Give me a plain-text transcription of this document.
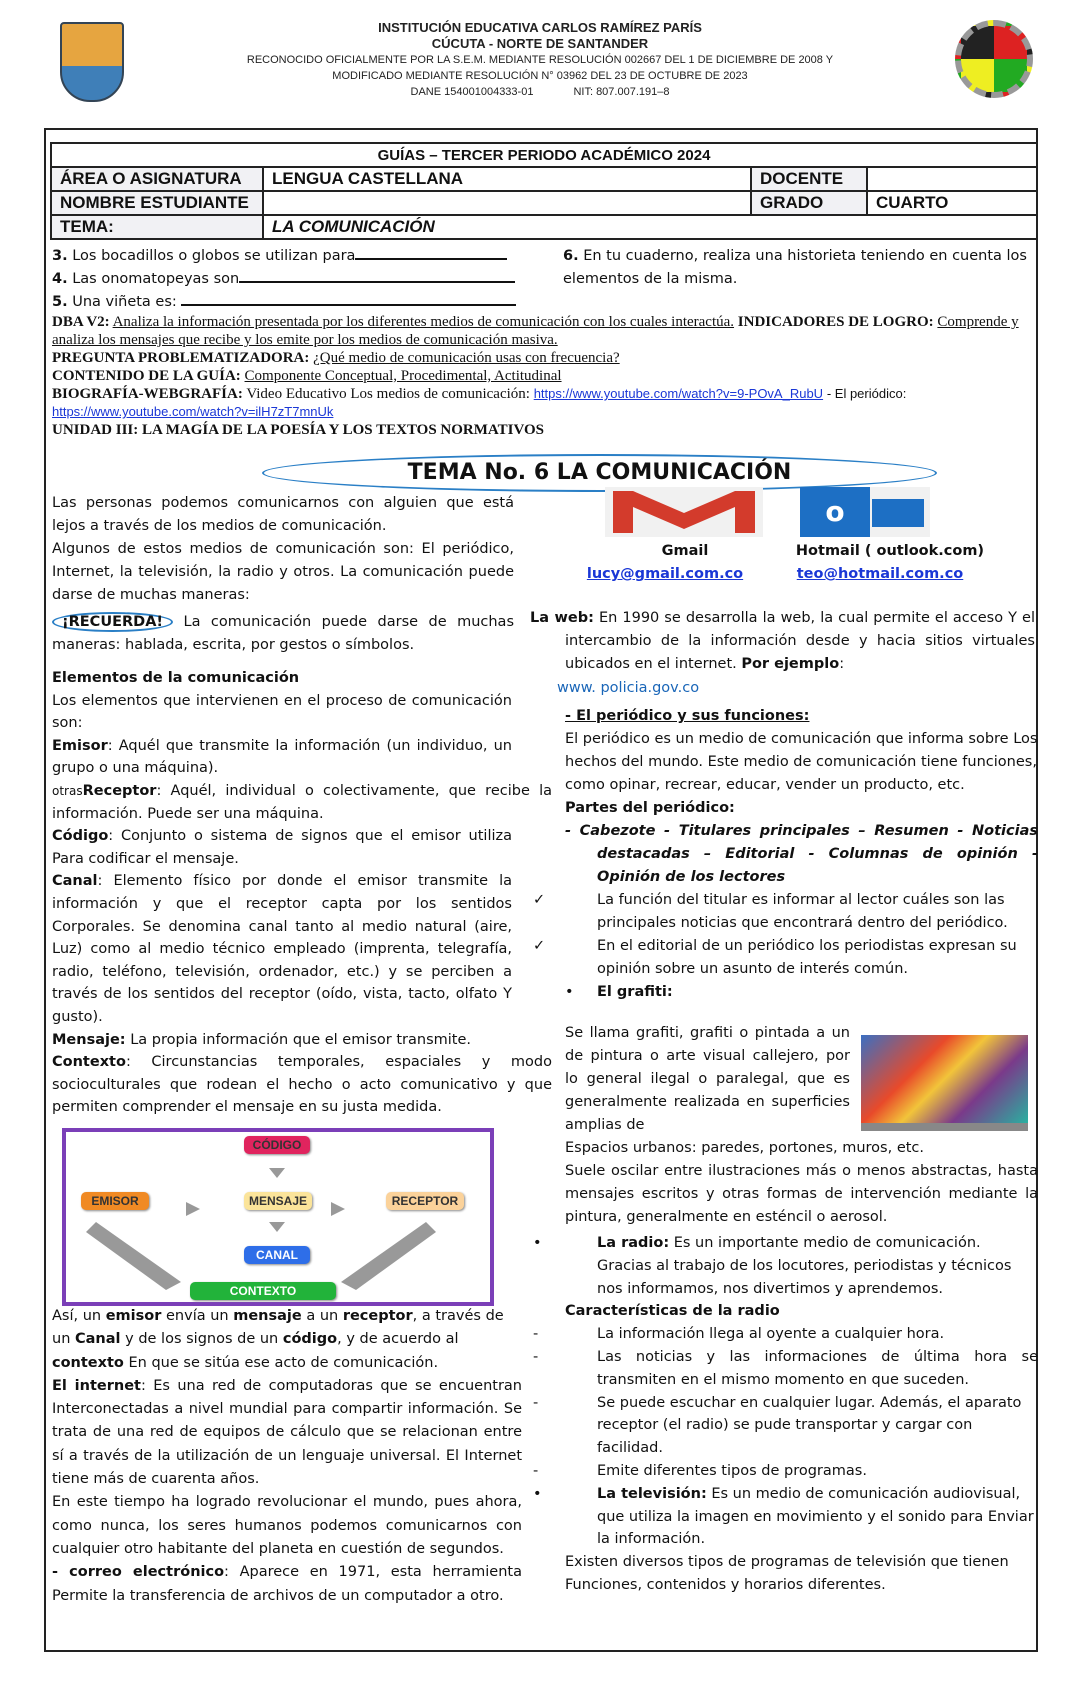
INSTITUCIÓN EDUCATIVA CARLOS RAMÍREZ PARÍS
CÚCUTA - NORTE DE SANTANDER
RECONOCIDO OFICIALMENTE POR LA S.E.M. MEDIANTE RESOLUCIÓN 002667 DEL 1 DE DICIEMBRE DE 2008 Y
MODIFICADO MEDIANTE RESOLUCIÓN N° 03962 DEL 23 DE OCTUBRE DE 2023
DANE 154001004333-01	NIT: 807.007.191–8
GUÍAS – TERCER PERIODO ACADÉMICO 2024			
ÁREA O ASIGNATURA	LENGUA CASTELLANA	DOCENTE	
NOMBRE ESTUDIANTE		GRADO	CUARTO
TEMA:	LA COMUNICACIÓN		
3. Los bocadillos o globos se utilizan para
4. Las onomatopeyas son
5. Una viñeta es:
6. En tu cuaderno, realiza una historieta teniendo en cuenta los elementos de la misma.

DBA V2: Analiza la información presentada por los diferentes medios de comunicación con los cuales interactúa. INDICADORES DE LOGRO: Comprende y analiza los mensajes que recibe y los emite por los medios de comunicación masiva.

PREGUNTA PROBLEMATIZADORA: ¿Qué medio de comunicación usas con frecuencia?

CONTENIDO DE LA GUÍA: Componente Conceptual, Procedimental, Actitudinal

BIOGRAFÍA-WEBGRAFÍA: Video Educativo Los medios de comunicación: https://www.youtube.com/watch?v=9-POvA_RubU - El periódico:

https://www.youtube.com/watch?v=ilH7zT7mnUk

UNIDAD III: LA MAGÍA DE LA POESÍA Y LOS TEXTOS NORMATIVOS

TEMA No. 6 LA COMUNICACIÓN

Las personas podemos comunicarnos con alguien que está lejos a través de los medios de comunicación.

Algunos de estos medios de comunicación son: El periódico, Internet, la televisión, la radio y otros. La comunicación puede darse de muchas maneras:

¡RECUERDA! La comunicación puede darse de muchas maneras: hablada, escrita, por gestos o símbolos.

Elementos de la comunicación

Los elementos que intervienen en el proceso de comunicación son:

Emisor: Aquél que transmite la información (un individuo, un grupo o una máquina).

otrasReceptor: Aquél, individual o colectivamente, que recibe la información. Puede ser una máquina.

Código: Conjunto o sistema de signos que el emisor utiliza Para codificar el mensaje.

Canal: Elemento físico por donde el emisor transmite la información y que el receptor capta por los sentidos Corporales. Se denomina canal tanto al medio natural (aire, Luz) como al medio técnico empleado (imprenta, telegrafía, radio, teléfono, televisión, ordenador, etc.) y se perciben a través de los sentidos del receptor (oído, vista, tacto, olfato Y gusto).

Mensaje: La propia información que el emisor transmite.

Contexto: Circunstancias temporales, espaciales y modo socioculturales que rodean el hecho o acto comunicativo y que permiten comprender el mensaje en su justa medida.

CÓDIGO
EMISOR	MENSAJE	RECEPTOR
CANAL
CONTEXTO

Así, un emisor envía un mensaje a un receptor, a través de un Canal y de los signos de un código, y de acuerdo al contexto En que se sitúa ese acto de comunicación.

El internet: Es una red de computadoras que se encuentran Interconectadas a nivel mundial para compartir información. Se trata de una red de equipos de cálculo que se relacionan entre sí a través de la utilización de un lenguaje universal. El Internet tiene más de cuarenta años.

En este tiempo ha logrado revolucionar el mundo, pues ahora, como nunca, los seres humanos podemos comunicarnos con cualquier otro habitante del planeta en cuestión de segundos.

- correo electrónico: Aparece en 1971, esta herramienta Permite la transferencia de archivos de un computador a otro.

o
Gmail
lucy@gmail.com.co
Hotmail ( outlook.com)
teo@hotmail.com.co
La web: En 1990 se desarrolla la web, la cual permite el acceso Y el intercambio de la información desde y hacia sitios virtuales ubicados en el internet. Por ejemplo:
www. policia.gov.co

- El periódico y sus funciones:

El periódico es un medio de comunicación que informa sobre Los hechos del mundo. Este medio de comunicación tiene funciones, como opinar, recrear, educar, vender un producto, etc.

Partes del periódico:

- Cabezote - Titulares principales – Resumen - Noticias destacadas – Editorial - Columnas de opinión - Opinión de los lectores

✓	La función del titular es informar al lector cuáles son las principales noticias que encontrará dentro del periódico.

✓	En el editorial de un periódico los periodistas expresan su opinión sobre un asunto de interés común.

• El grafiti:

Se llama grafiti, grafiti o pintada a un de pintura o arte visual callejero, por lo general ilegal o paralegal, que es generalmente realizada en superficies amplias de

Espacios urbanos: paredes, portones, muros, etc.

Suele oscilar entre ilustraciones más o menos abstractas, hasta mensajes escritos y otras formas de intervención mediante la pintura, generalmente en esténcil o aerosol.

•	La radio: Es un importante medio de comunicación. Gracias al trabajo de los locutores, periodistas y técnicos nos informamos, nos divertimos y aprendemos.

Características de la radio

-	La información llega al oyente a cualquier hora.

-	Las noticias y las informaciones de última hora se transmiten en el mismo momento en que suceden.

-	Se puede escuchar en cualquier lugar. Además, el aparato receptor (el radio) se pude transportar y cargar con facilidad.

-	Emite diferentes tipos de programas.

•	La televisión: Es un medio de comunicación audiovisual, que utiliza la imagen en movimiento y el sonido para Enviar la información.

Existen diversos tipos de programas de televisión que tienen Funciones, contenidos y horarios diferentes.
